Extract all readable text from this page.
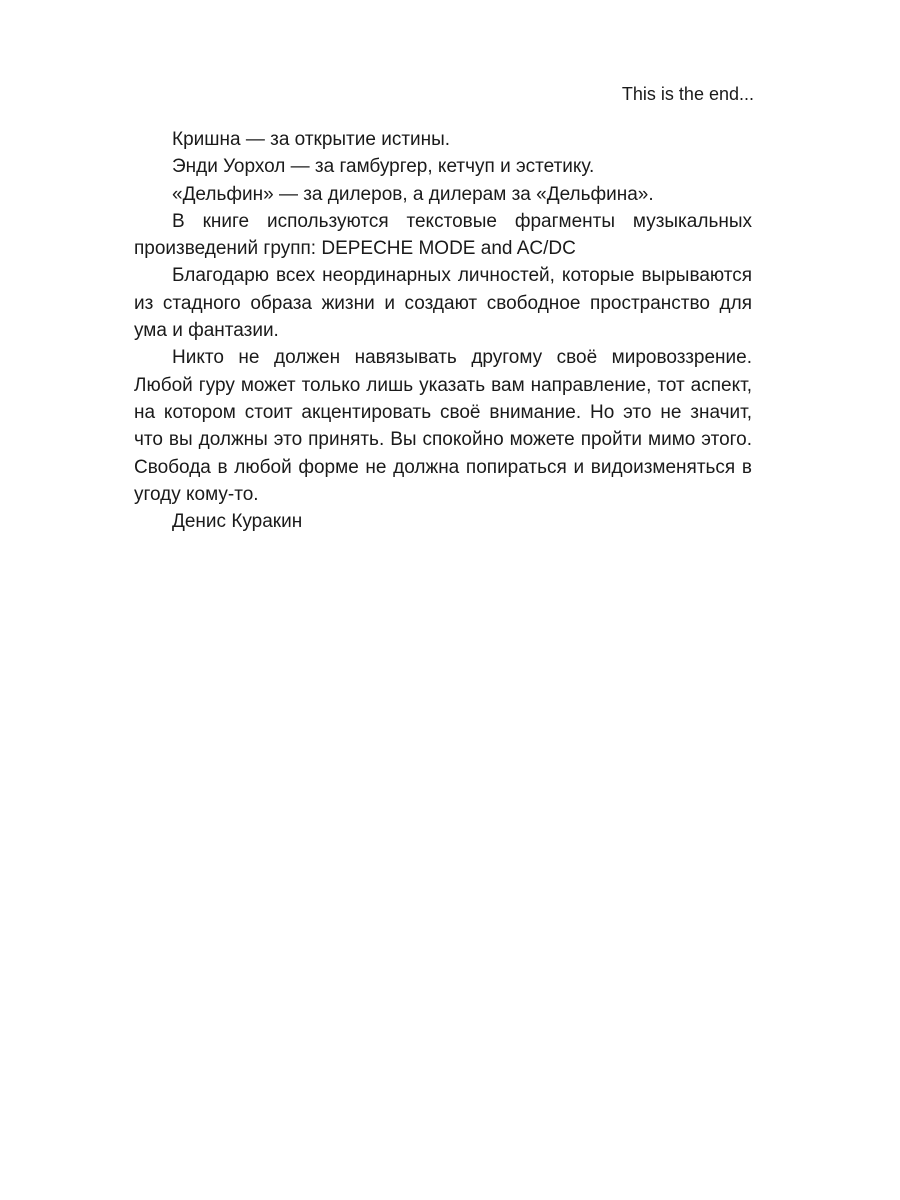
This is the end...

Кришна — за открытие истины.

Энди Уорхол — за гамбургер, кетчуп и эстетику.

«Дельфин» — за дилеров, а дилерам за «Дельфина».

В книге используются текстовые фрагменты музыкальных произведений групп: DEPECHE MODE and AC/DC

Благодарю всех неординарных личностей, которые вырываются из стадного образа жизни и создают свободное пространство для ума и фантазии.

Никто не должен навязывать другому своё мировоззрение. Любой гуру может только лишь указать вам направление, тот аспект, на котором стоит акцентировать своё внимание. Но это не значит, что вы должны это принять. Вы спокойно можете пройти мимо этого. Свобода в любой форме не должна попираться и видоизменяться в угоду кому-то.

Денис Куракин
